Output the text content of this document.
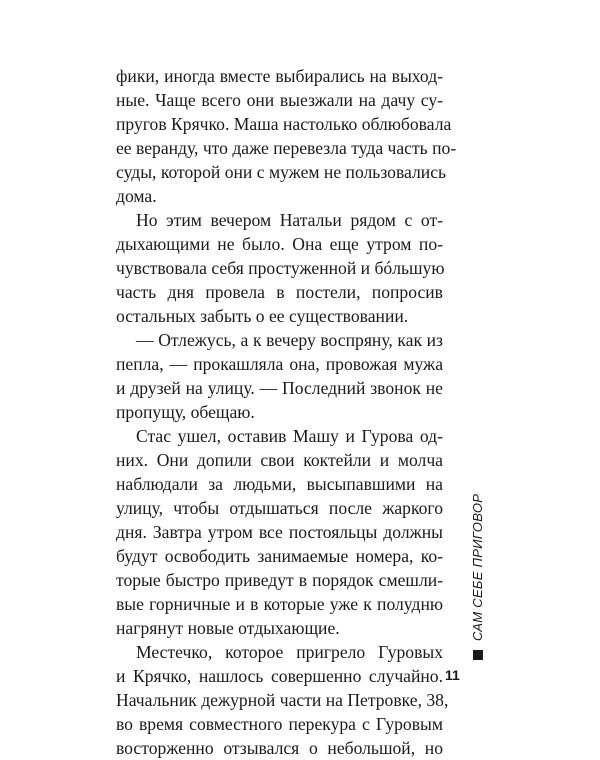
фики, иногда вместе выбирались на выход-
ные. Чаще всего они выезжали на дачу су-
пругов Крячко. Маша настолько облюбовала
ее веранду, что даже перевезла туда часть по-
суды, которой они с мужем не пользовались
дома.
Но этим вечером Натальи рядом с от-
дыхающими не было. Она еще утром по-
чувствовала себя простуженной и бóльшую
часть дня провела в постели, попросив
остальных забыть о ее существовании.
— Отлежусь, а к вечеру воспряну, как из
пепла, — прокашляла она, провожая мужа
и друзей на улицу. — Последний звонок не
пропущу, обещаю.
Стас ушел, оставив Машу и Гурова од-
них. Они допили свои коктейли и молча
наблюдали за людьми, высыпавшими на
улицу, чтобы отдышаться после жаркого
дня. Завтра утром все постояльцы должны
будут освободить занимаемые номера, ко-
торые быстро приведут в порядок смешли-
вые горничные и в которые уже к полудню
нагрянут новые отдыхающие.
Местечко, которое пригрело Гуровых
и Крячко, нашлось совершенно случайно.
Начальник дежурной части на Петровке, 38,
во время совместного перекура с Гуровым
восторженно отзывался о небольшой, но
САМ СЕБЕ ПРИГОВОР
11
